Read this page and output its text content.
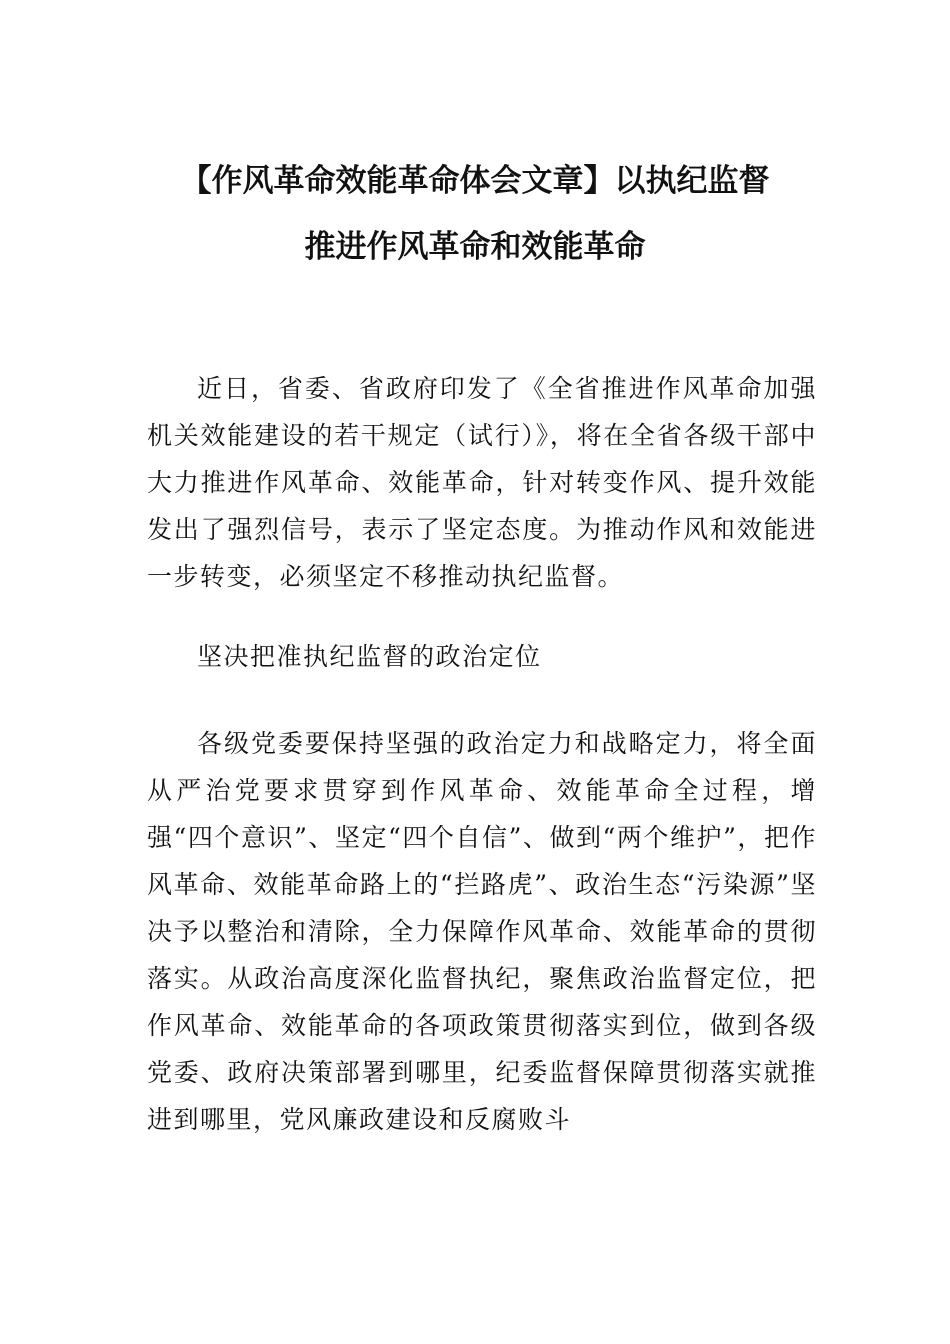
【作风革命效能革命体会文章】以执纪监督
推进作风革命和效能革命

近日，省委、省政府印发了《全省推进作风革命加强机关效能建设的若干规定（试行）》，将在全省各级干部中大力推进作风革命、效能革命，针对转变作风、提升效能发出了强烈信号，表示了坚定态度。为推动作风和效能进一步转变，必须坚定不移推动执纪监督。

坚决把准执纪监督的政治定位

各级党委要保持坚强的政治定力和战略定力，将全面从严治党要求贯穿到作风革命、效能革命全过程，增强“四个意识”、坚定“四个自信”、做到“两个维护”，把作风革命、效能革命路上的“拦路虎”、政治生态“污染源”坚决予以整治和清除，全力保障作风革命、效能革命的贯彻落实。从政治高度深化监督执纪，聚焦政治监督定位，把作风革命、效能革命的各项政策贯彻落实到位，做到各级党委、政府决策部署到哪里，纪委监督保障贯彻落实就推进到哪里，党风廉政建设和反腐败斗
